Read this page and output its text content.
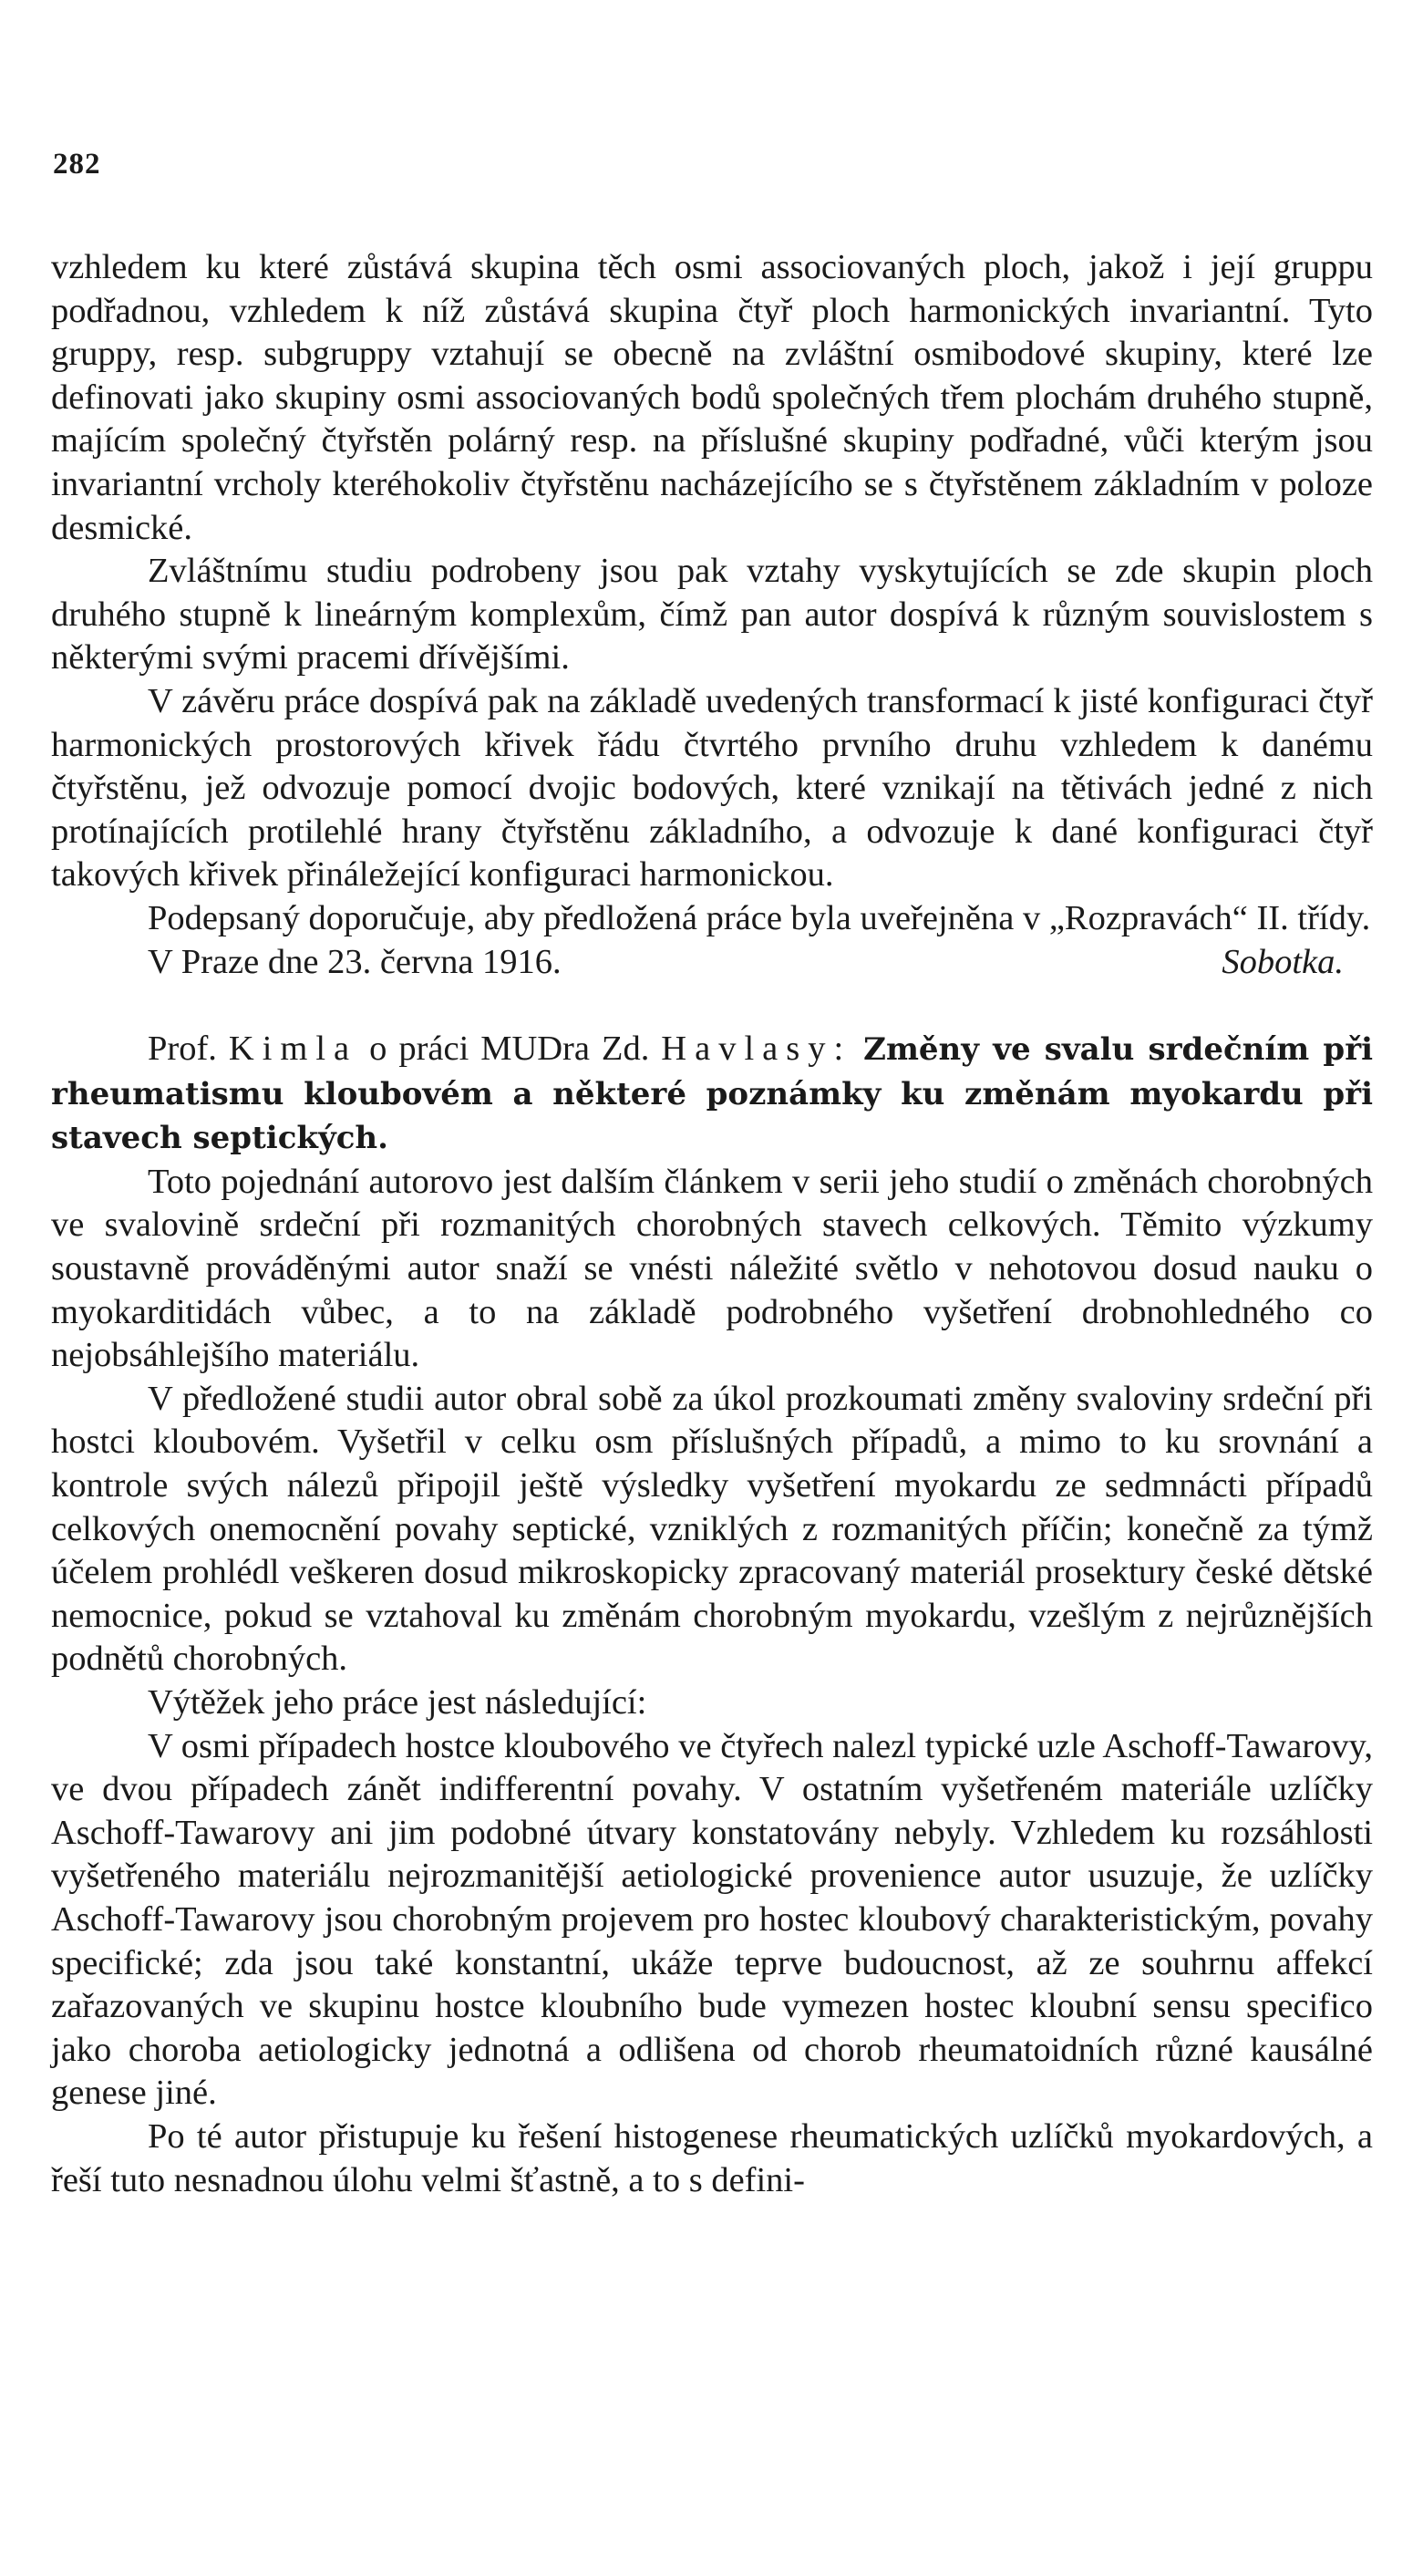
282

vzhledem ku které zůstává skupina těch osmi associovaných ploch, jakož i její gruppu podřadnou, vzhledem k níž zůstává skupina čtyř ploch harmonických invariantní. Tyto gruppy, resp. subgruppy vztahují se obecně na zvláštní osmibodové skupiny, které lze definovati jako skupiny osmi associovaných bodů společných třem plochám druhého stupně, majícím společný čtyřstěn polárný resp. na příslušné skupiny podřadné, vůči kterým jsou invariantní vrcholy kteréhokoliv čtyřstěnu nacházejícího se s čtyřstěnem základním v poloze desmické.

Zvláštnímu studiu podrobeny jsou pak vztahy vyskytujících se zde skupin ploch druhého stupně k lineárným komplexům, čímž pan autor dospívá k různým souvislostem s některými svými pracemi dřívějšími.

V závěru práce dospívá pak na základě uvedených transformací k jisté konfiguraci čtyř harmonických prostorových křivek řádu čtvrtého prvního druhu vzhledem k danému čtyřstěnu, jež odvozuje pomocí dvojic bodových, které vznikají na tětivách jedné z nich protínajících protilehlé hrany čtyřstěnu základního, a odvozuje k dané konfiguraci čtyř takových křivek přináležející konfiguraci harmonickou.

Podepsaný doporučuje, aby předložená práce byla uveřejněna v „Rozpravách“ II. třídy.

V Praze dne 23. června 1916.	Sobotka.

Prof. Kimla o práci MUDra Zd. Havlasy: Změny ve svalu srdečním při rheumatismu kloubovém a některé poznámky ku změnám myokardu při stavech septických.

Toto pojednání autorovo jest dalším článkem v serii jeho studií o změnách chorobných ve svalovině srdeční při rozmanitých chorobných stavech celkových. Těmito výzkumy soustavně prováděnými autor snaží se vnésti náležité světlo v nehotovou dosud nauku o myokarditidách vůbec, a to na základě podrobného vyšetření drobnohledného co nejobsáhlejšího materiálu.

V předložené studii autor obral sobě za úkol prozkoumati změny svaloviny srdeční při hostci kloubovém. Vyšetřil v celku osm příslušných případů, a mimo to ku srovnání a kontrole svých nálezů připojil ještě výsledky vyšetření myokardu ze sedmnácti případů celkových onemocnění povahy septické, vzniklých z rozmanitých příčin; konečně za týmž účelem prohlédl veškeren dosud mikroskopicky zpracovaný materiál prosektury české dětské nemocnice, pokud se vztahoval ku změnám chorobným myokardu, vzešlým z nejrůznějších podnětů chorobných.

Výtěžek jeho práce jest následující:

V osmi případech hostce kloubového ve čtyřech nalezl typické uzle Aschoff-Tawarovy, ve dvou případech zánět indifferentní povahy. V ostatním vyšetřeném materiále uzlíčky Aschoff-Tawarovy ani jim podobné útvary konstatovány nebyly. Vzhledem ku rozsáhlosti vyšetřeného materiálu nejrozmanitější aetiologické provenience autor usuzuje, že uzlíčky Aschoff-Tawarovy jsou chorobným projevem pro hostec kloubový charakteristickým, povahy specifické; zda jsou také konstantní, ukáže teprve budoucnost, až ze souhrnu affekcí zařazovaných ve skupinu hostce kloubního bude vymezen hostec kloubní sensu specifico jako choroba aetiologicky jednotná a odlišena od chorob rheumatoidních různé kausálné genese jiné.

Po té autor přistupuje ku řešení histogenese rheumatických uzlíčků myokardových, a řeší tuto nesnadnou úlohu velmi šťastně, a to s defini-
